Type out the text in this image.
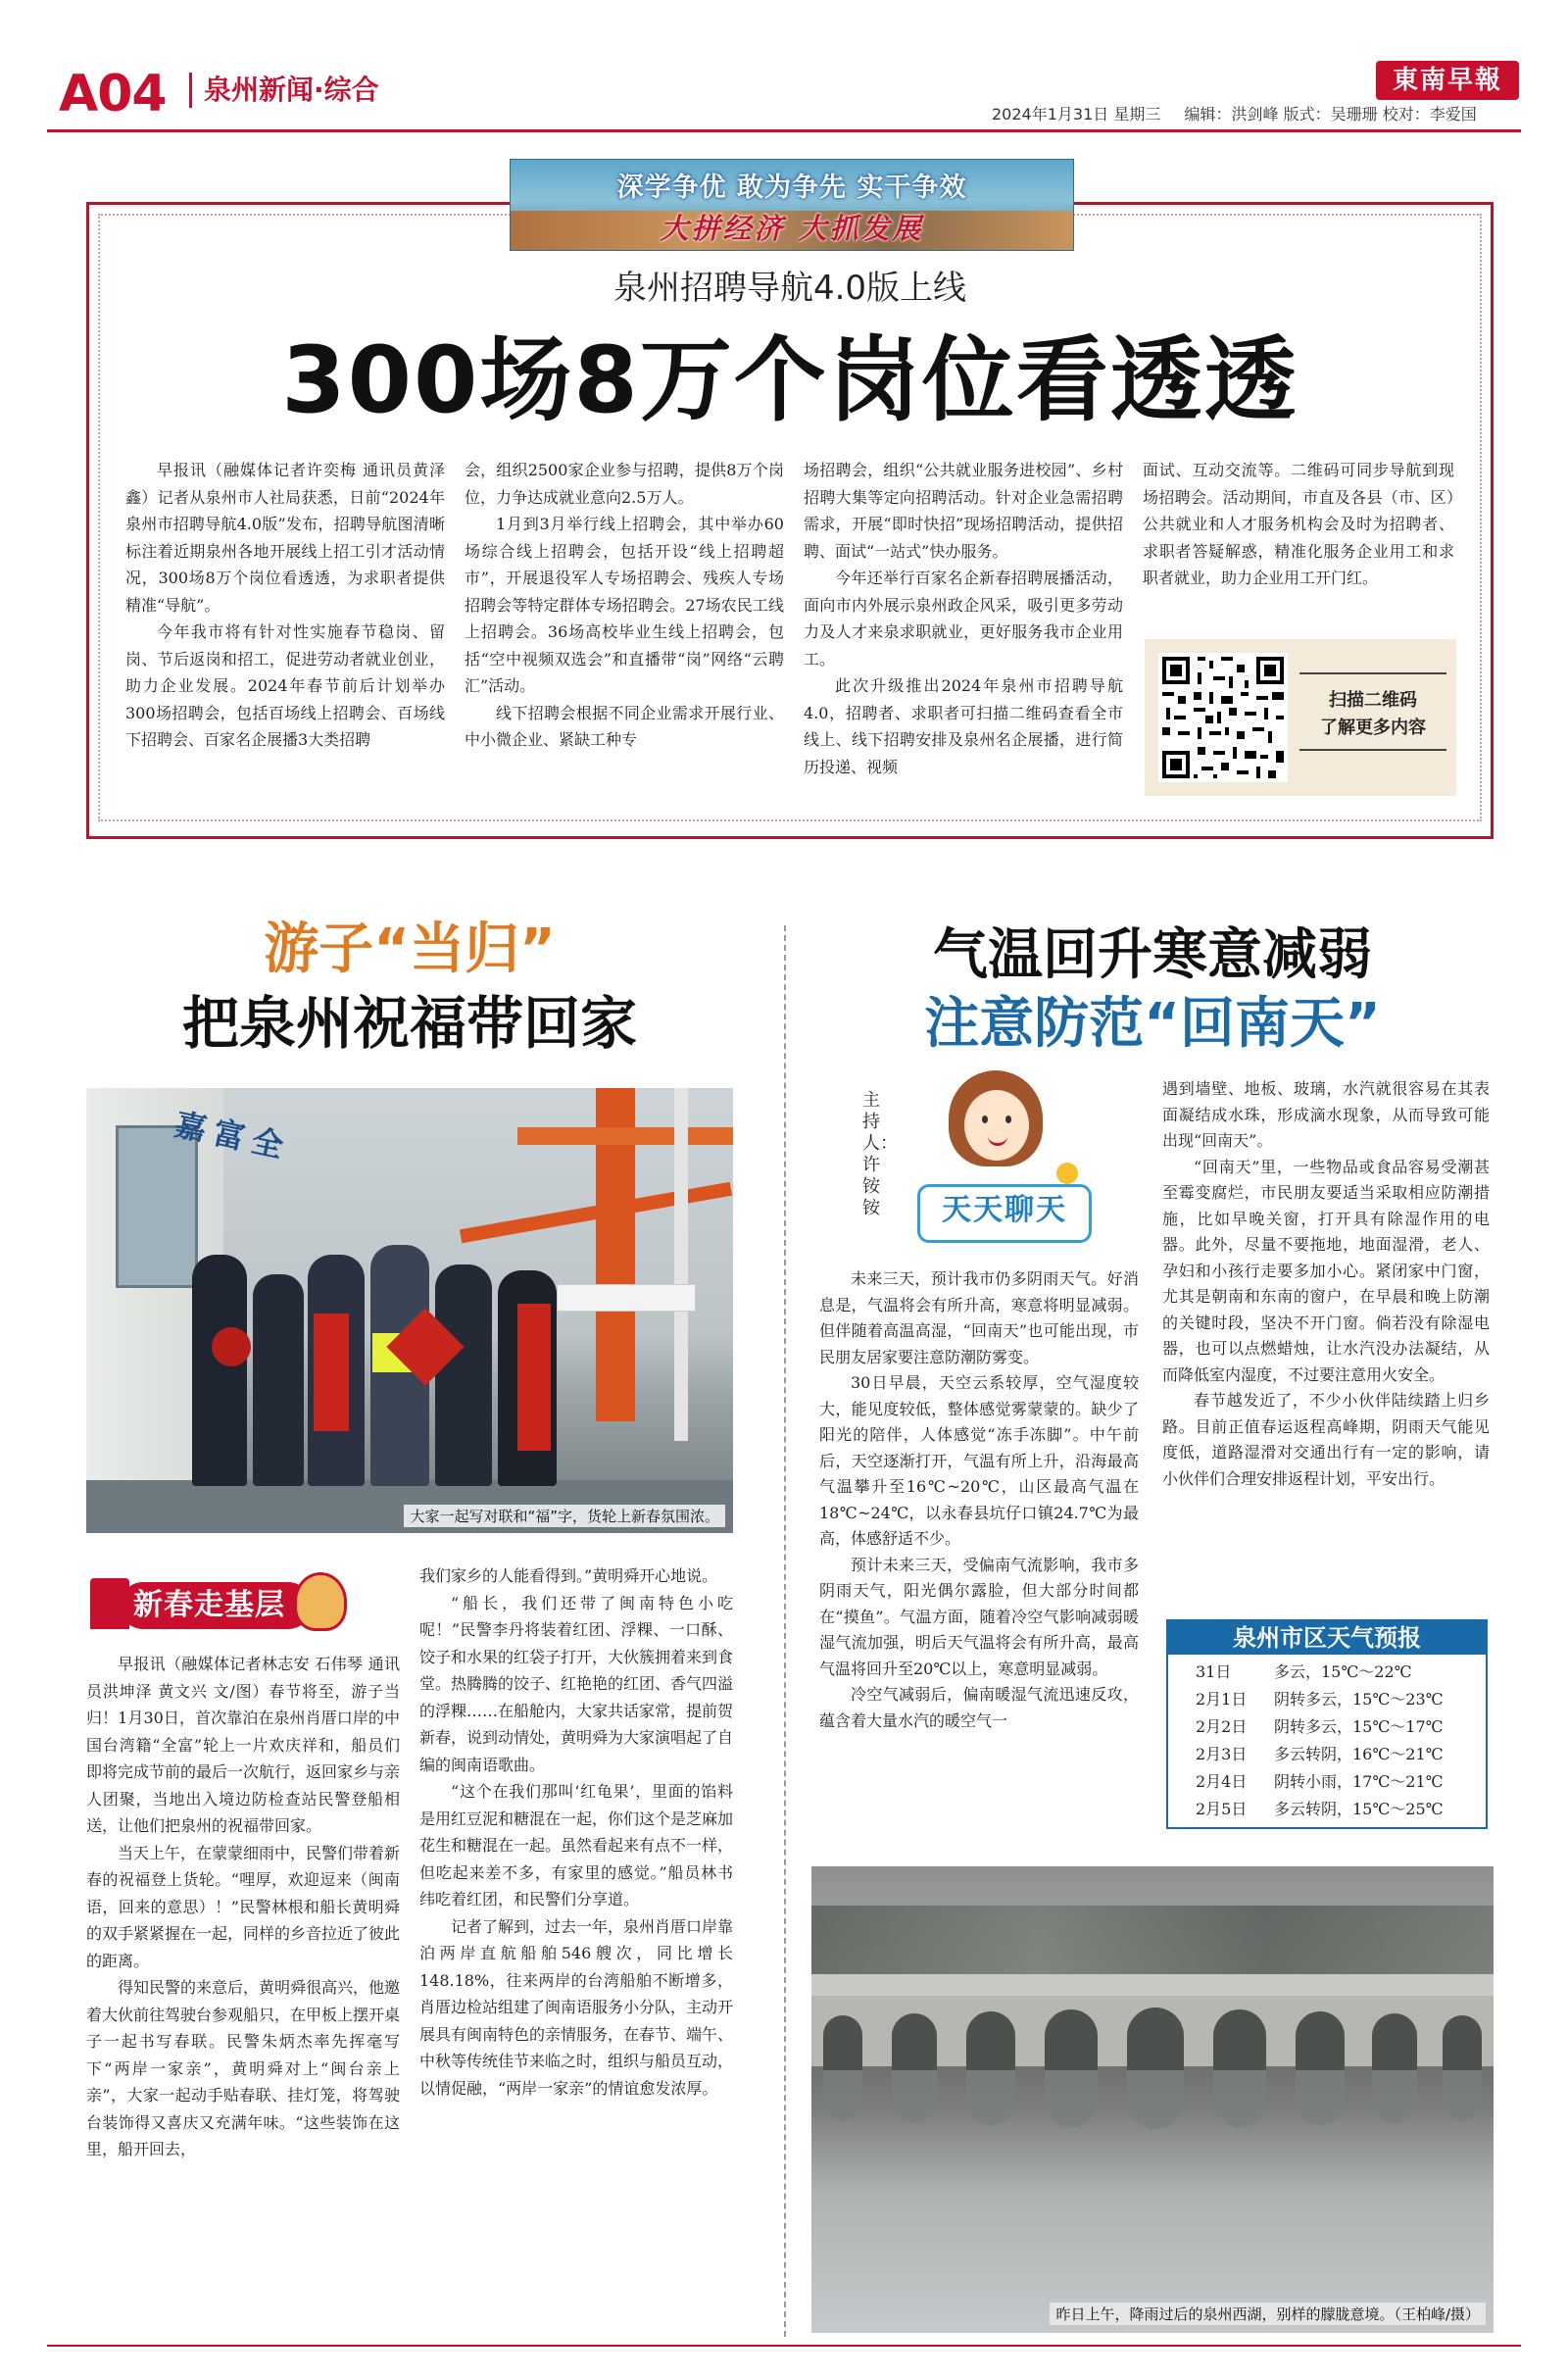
A04 泉州新闻·综合	東南早報
2024年1月31日 星期三 编辑：洪剑峰 版式：吴珊珊 校对：李爱国
深学争优 敢为争先 实干争效
大拼经济 大抓发展
泉州招聘导航4.0版上线
300场8万个岗位看透透

早报讯（融媒体记者许奕梅 通讯员黄泽鑫）记者从泉州市人社局获悉，日前“2024年泉州市招聘导航4.0版”发布，招聘导航图清晰标注着近期泉州各地开展线上招工引才活动情况，300场8万个岗位看透透，为求职者提供精准“导航”。

今年我市将有针对性实施春节稳岗、留岗、节后返岗和招工，促进劳动者就业创业，助力企业发展。2024年春节前后计划举办300场招聘会，包括百场线上招聘会、百场线下招聘会、百家名企展播3大类招聘

会，组织2500家企业参与招聘，提供8万个岗位，力争达成就业意向2.5万人。

1月到3月举行线上招聘会，其中举办60场综合线上招聘会，包括开设“线上招聘超市”，开展退役军人专场招聘会、残疾人专场招聘会等特定群体专场招聘会。27场农民工线上招聘会。36场高校毕业生线上招聘会，包括“空中视频双选会”和直播带“岗”网络“云聘汇”活动。

线下招聘会根据不同企业需求开展行业、中小微企业、紧缺工种专

场招聘会，组织“公共就业服务进校园”、乡村招聘大集等定向招聘活动。针对企业急需招聘需求，开展“即时快招”现场招聘活动，提供招聘、面试“一站式”快办服务。

今年还举行百家名企新春招聘展播活动，面向市内外展示泉州政企风采，吸引更多劳动力及人才来泉求职就业，更好服务我市企业用工。

此次升级推出2024年泉州市招聘导航4.0，招聘者、求职者可扫描二维码查看全市线上、线下招聘安排及泉州名企展播，进行简历投递、视频

面试、互动交流等。二维码可同步导航到现场招聘会。活动期间，市直及各县（市、区）公共就业和人才服务机构会及时为招聘者、求职者答疑解惑，精准化服务企业用工和求职者就业，助力企业用工开门红。

扫描二维码
了解更多内容
游子“当归”
把泉州祝福带回家
嘉富全
大家一起写对联和“福”字，货轮上新春氛围浓。
新春走基层

早报讯（融媒体记者林志安 石伟琴 通讯员洪坤泽 黄文兴 文/图）春节将至，游子当归！1月30日，首次靠泊在泉州肖厝口岸的中国台湾籍“全富”轮上一片欢庆祥和，船员们即将完成节前的最后一次航行，返回家乡与亲人团聚，当地出入境边防检查站民警登船相送，让他们把泉州的祝福带回家。

当天上午，在蒙蒙细雨中，民警们带着新春的祝福登上货轮。“哩厚，欢迎逗来（闽南语，回来的意思）！”民警林根和船长黄明舜的双手紧紧握在一起，同样的乡音拉近了彼此的距离。

得知民警的来意后，黄明舜很高兴，他邀着大伙前往驾驶台参观船只，在甲板上摆开桌子一起书写春联。民警朱炳杰率先挥毫写下“两岸一家亲”，黄明舜对上“闽台亲上亲”，大家一起动手贴春联、挂灯笼，将驾驶台装饰得又喜庆又充满年味。“这些装饰在这里，船开回去，

我们家乡的人能看得到。”黄明舜开心地说。

“船长，我们还带了闽南特色小吃呢！”民警李丹将装着红团、浮粿、一口酥、饺子和水果的红袋子打开，大伙簇拥着来到食堂。热腾腾的饺子、红艳艳的红团、香气四溢的浮粿……在船舱内，大家共话家常，提前贺新春，说到动情处，黄明舜为大家演唱起了自编的闽南语歌曲。

“这个在我们那叫‘红龟果’，里面的馅料是用红豆泥和糖混在一起，你们这个是芝麻加花生和糖混在一起。虽然看起来有点不一样，但吃起来差不多，有家里的感觉。”船员林书纬吃着红团，和民警们分享道。

记者了解到，过去一年，泉州肖厝口岸靠泊两岸直航船舶546艘次，同比增长148.18%，往来两岸的台湾船舶不断增多，肖厝边检站组建了闽南语服务小分队，主动开展具有闽南特色的亲情服务，在春节、端午、中秋等传统佳节来临之时，组织与船员互动，以情促融，“两岸一家亲”的情谊愈发浓厚。

气温回升寒意减弱
注意防范“回南天”
主持人：许铵铵	天天聊天

未来三天，预计我市仍多阴雨天气。好消息是，气温将会有所升高，寒意将明显减弱。但伴随着高温高湿，“回南天”也可能出现，市民朋友居家要注意防潮防雾变。

30日早晨，天空云系较厚，空气湿度较大，能见度较低，整体感觉雾蒙蒙的。缺少了阳光的陪伴，人体感觉“冻手冻脚”。中午前后，天空逐渐打开，气温有所上升，沿海最高气温攀升至16℃~20℃，山区最高气温在18℃~24℃，以永春县坑仔口镇24.7℃为最高，体感舒适不少。

预计未来三天，受偏南气流影响，我市多阴雨天气，阳光偶尔露脸，但大部分时间都在“摸鱼”。气温方面，随着冷空气影响减弱暖湿气流加强，明后天气温将会有所升高，最高气温将回升至20℃以上，寒意明显减弱。

冷空气减弱后，偏南暖湿气流迅速反攻，蕴含着大量水汽的暖空气一

遇到墙壁、地板、玻璃，水汽就很容易在其表面凝结成水珠，形成滴水现象，从而导致可能出现“回南天”。

“回南天”里，一些物品或食品容易受潮甚至霉变腐烂，市民朋友要适当采取相应防潮措施，比如早晚关窗，打开具有除湿作用的电器。此外，尽量不要拖地，地面湿滑，老人、孕妇和小孩行走要多加小心。紧闭家中门窗，尤其是朝南和东南的窗户，在早晨和晚上防潮的关键时段，坚决不开门窗。倘若没有除湿电器，也可以点燃蜡烛，让水汽没办法凝结，从而降低室内湿度，不过要注意用火安全。

春节越发近了，不少小伙伴陆续踏上归乡路。目前正值春运返程高峰期，阴雨天气能见度低，道路湿滑对交通出行有一定的影响，请小伙伴们合理安排返程计划，平安出行。

泉州市区天气预报
31日	多云，15℃～22℃
2月1日 阴转多云，15℃～23℃
2月2日 阴转多云，15℃～17℃
2月3日 多云转阴，16℃～21℃
2月4日 阴转小雨，17℃～21℃
2月5日 多云转阴，15℃～25℃
昨日上午，降雨过后的泉州西湖，别样的朦胧意境。（王柏峰/摄）
